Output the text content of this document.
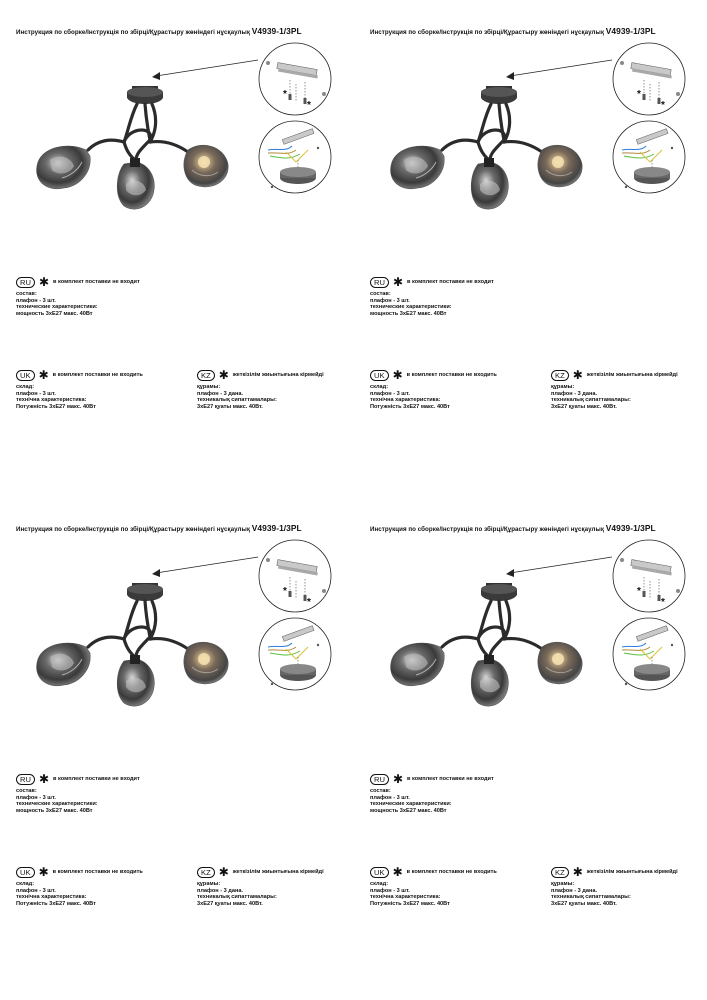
Инструкция по сборке/Інструкція по збірці/Құрастыру жөніндегі нұсқаулық V4939-1/3PL
*
*
RU ✱ в комплект поставки не входит
состав:
плафон - 3 шт.
технические характеристики:
мощность 3xE27 макс. 40Вт
UK ✱ в комплект поставки не входить
склад:
плафон - 3 шт.
технічна характеристика:
Потужність 3xE27 макс. 40Вт
KZ ✱ жеткізілім жиынтығына кірмейді
құрамы:
плафон - 3 дана.
техникалық сипаттамалары:
3xE27 қуаты макс. 40Вт.
Инструкция по сборке/Інструкція по збірці/Құрастыру жөніндегі нұсқаулық V4939-1/3PL
*
*
RU ✱ в комплект поставки не входит
состав:
плафон - 3 шт.
технические характеристики:
мощность 3xE27 макс. 40Вт
UK ✱ в комплект поставки не входить
склад:
плафон - 3 шт.
технічна характеристика:
Потужність 3xE27 макс. 40Вт
KZ ✱ жеткізілім жиынтығына кірмейді
құрамы:
плафон - 3 дана.
техникалық сипаттамалары:
3xE27 қуаты макс. 40Вт.
Инструкция по сборке/Інструкція по збірці/Құрастыру жөніндегі нұсқаулық V4939-1/3PL
*
*
RU ✱ в комплект поставки не входит
состав:
плафон - 3 шт.
технические характеристики:
мощность 3xE27 макс. 40Вт
UK ✱ в комплект поставки не входить
склад:
плафон - 3 шт.
технічна характеристика:
Потужність 3xE27 макс. 40Вт
KZ ✱ жеткізілім жиынтығына кірмейді
құрамы:
плафон - 3 дана.
техникалық сипаттамалары:
3xE27 қуаты макс. 40Вт.
Инструкция по сборке/Інструкція по збірці/Құрастыру жөніндегі нұсқаулық V4939-1/3PL
*
*
RU ✱ в комплект поставки не входит
состав:
плафон - 3 шт.
технические характеристики:
мощность 3xE27 макс. 40Вт
UK ✱ в комплект поставки не входить
склад:
плафон - 3 шт.
технічна характеристика:
Потужність 3xE27 макс. 40Вт
KZ ✱ жеткізілім жиынтығына кірмейді
құрамы:
плафон - 3 дана.
техникалық сипаттамалары:
3xE27 қуаты макс. 40Вт.
